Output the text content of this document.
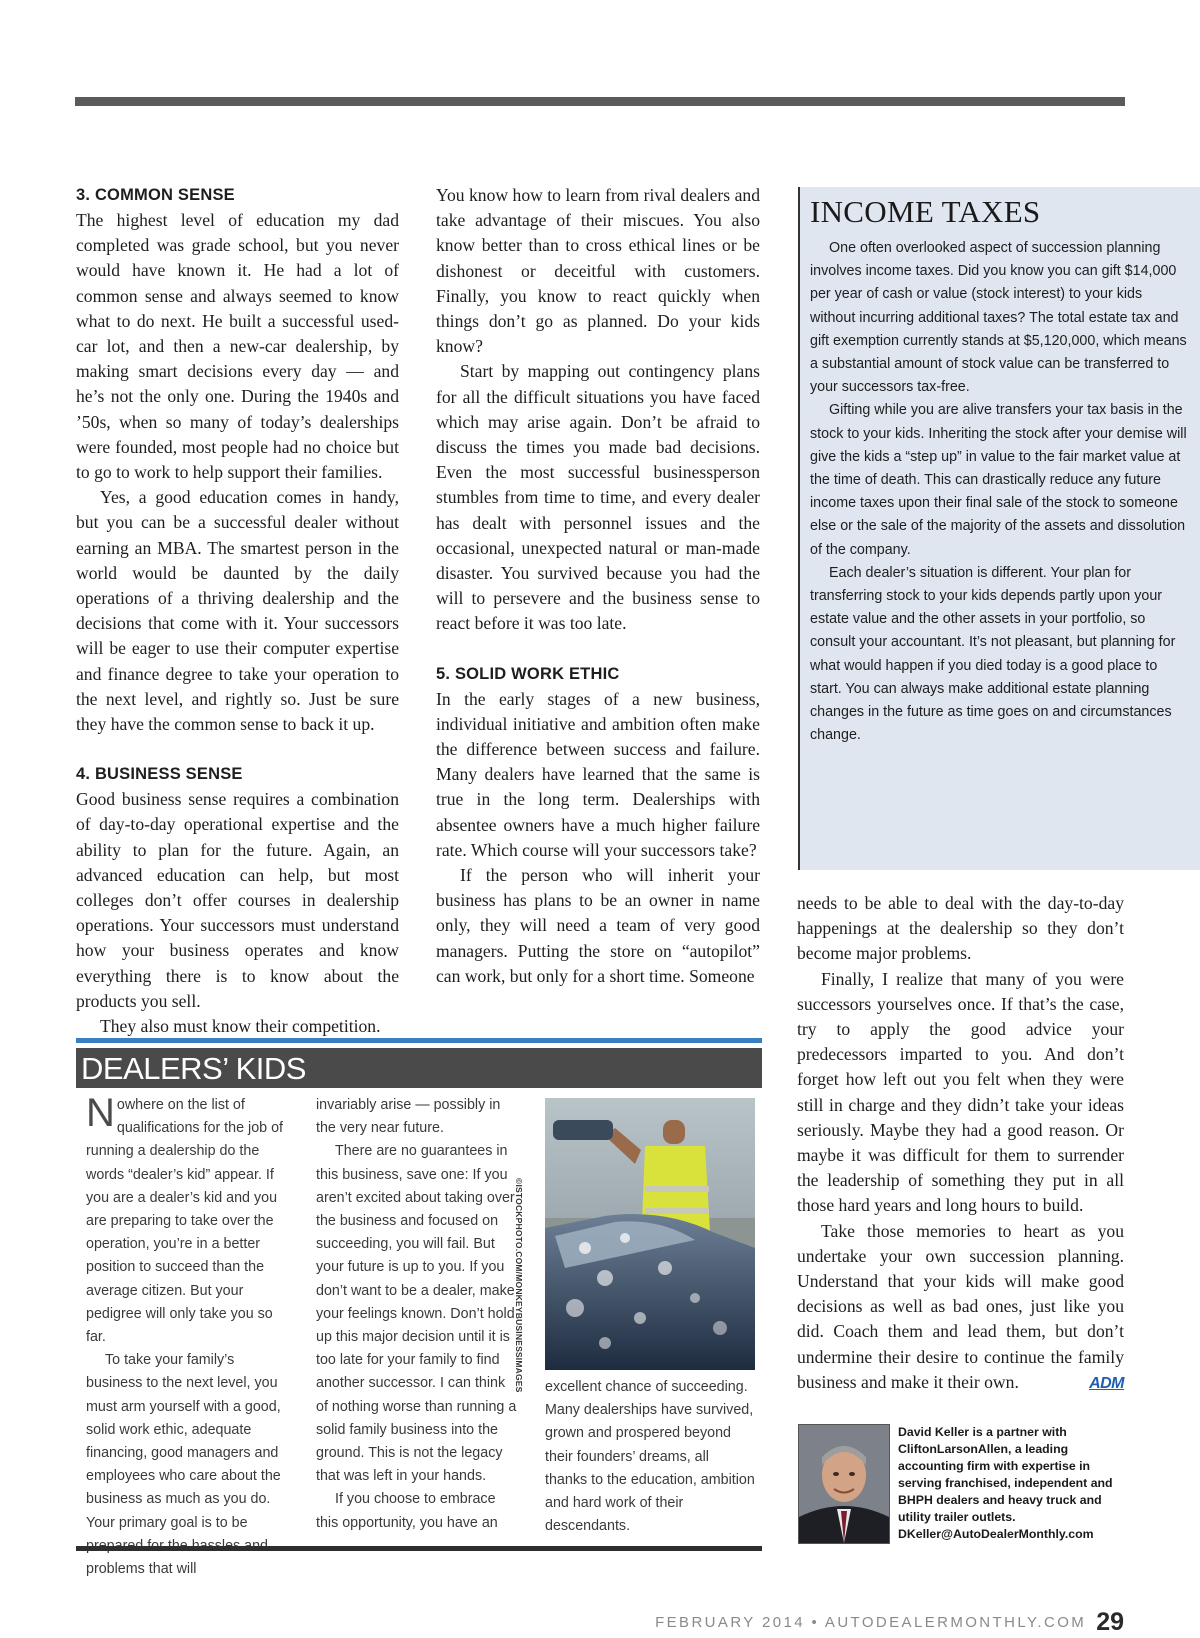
3. COMMON SENSE

The highest level of education my dad completed was grade school, but you never would have known it. He had a lot of common sense and always seemed to know what to do next. He built a successful used-car lot, and then a new-car dealership, by making smart decisions every day — and he’s not the only one. During the 1940s and ’50s, when so many of today’s dealerships were founded, most people had no choice but to go to work to help support their families.

Yes, a good education comes in handy, but you can be a successful dealer without earning an MBA. The smartest person in the world would be daunted by the daily operations of a thriving dealership and the decisions that come with it. Your successors will be eager to use their computer expertise and finance degree to take your operation to the next level, and rightly so. Just be sure they have the common sense to back it up.

4. BUSINESS SENSE

Good business sense requires a combination of day-to-day operational expertise and the ability to plan for the future. Again, an advanced education can help, but most colleges don’t offer courses in dealership operations. Your successors must understand how your business operates and know everything there is to know about the products you sell.

They also must know their competition.

You know how to learn from rival dealers and take advantage of their miscues. You also know better than to cross ethical lines or be dishonest or deceitful with customers. Finally, you know to react quickly when things don’t go as planned. Do your kids know?

Start by mapping out contingency plans for all the difficult situations you have faced which may arise again. Don’t be afraid to discuss the times you made bad decisions. Even the most successful businessperson stumbles from time to time, and every dealer has dealt with personnel issues and the occasional, unexpected natural or man-made disaster. You survived because you had the will to persevere and the business sense to react before it was too late.

5. SOLID WORK ETHIC

In the early stages of a new business, individual initiative and ambition often make the difference between success and failure. Many dealers have learned that the same is true in the long term. Dealerships with absentee owners have a much higher failure rate. Which course will your successors take?

If the person who will inherit your business has plans to be an owner in name only, they will need a team of very good managers. Putting the store on “autopilot” can work, but only for a short time. Someone

INCOME TAXES

One often overlooked aspect of succession planning involves income taxes. Did you know you can gift $14,000 per year of cash or value (stock interest) to your kids without incurring additional taxes? The total estate tax and gift exemption currently stands at $5,120,000, which means a substantial amount of stock value can be transferred to your successors tax-free.

Gifting while you are alive transfers your tax basis in the stock to your kids. Inheriting the stock after your demise will give the kids a “step up” in value to the fair market value at the time of death. This can drastically reduce any future income taxes upon their final sale of the stock to someone else or the sale of the majority of the assets and dissolution of the company.

Each dealer’s situation is different. Your plan for transferring stock to your kids depends partly upon your estate value and the other assets in your portfolio, so consult your accountant. It’s not pleasant, but planning for what would happen if you died today is a good place to start. You can always make additional estate planning changes in the future as time goes on and circumstances change.

needs to be able to deal with the day-to-day happenings at the dealership so they don’t become major problems.

Finally, I realize that many of you were successors yourselves once. If that’s the case, try to apply the good advice your predecessors imparted to you. And don’t forget how left out you felt when they were still in charge and they didn’t take your ideas seriously. Maybe they had a good reason. Or maybe it was difficult for them to surrender the leadership of something they put in all those hard years and long hours to build.

Take those memories to heart as you undertake your own succession planning. Understand that your kids will make good decisions as well as bad ones, just like you did. Coach them and lead them, but don’t undermine their desire to continue the family business and make it their own.	ADM

DEALERS’ KIDS

Nowhere on the list of qualifications for the job of running a dealership do the words “dealer’s kid” appear. If you are a dealer’s kid and you are preparing to take over the operation, you’re in a better position to succeed than the average citizen. But your pedigree will only take you so far.

To take your family’s business to the next level, you must arm yourself with a good, solid work ethic, adequate financing, good managers and employees who care about the business as much as you do. Your primary goal is to be problems that will

invariably arise — possibly in the very near future.

There are no guarantees in this business, save one: If you aren’t excited about taking over the business and focused on succeeding, you will fail. But your future is up to you. If you don’t want to be a dealer, make your feelings known. Don’t hold up this major decision until it is too late for your family to find another successor. I can think of nothing worse than running a solid family business into the ground. This is not the legacy that was left in your hands.

If you choose to embrace this opportunity, you have an

©ISTOCKPHOTO.COM/MONKEYBUSINESSIMAGES excellent chance of succeeding. Many dealerships have survived, grown and prospered beyond their founders’ dreams, all thanks to the education, ambition and hard work of their descendants.

David Keller is a partner with CliftonLarsonAllen, a leading accounting firm with expertise in serving franchised, independent and BHPH dealers and heavy truck and utility trailer outlets.
DKeller@AutoDealerMonthly.com
FEBRUARY 2014 • AUTODEALERMONTHLY.COM 29
